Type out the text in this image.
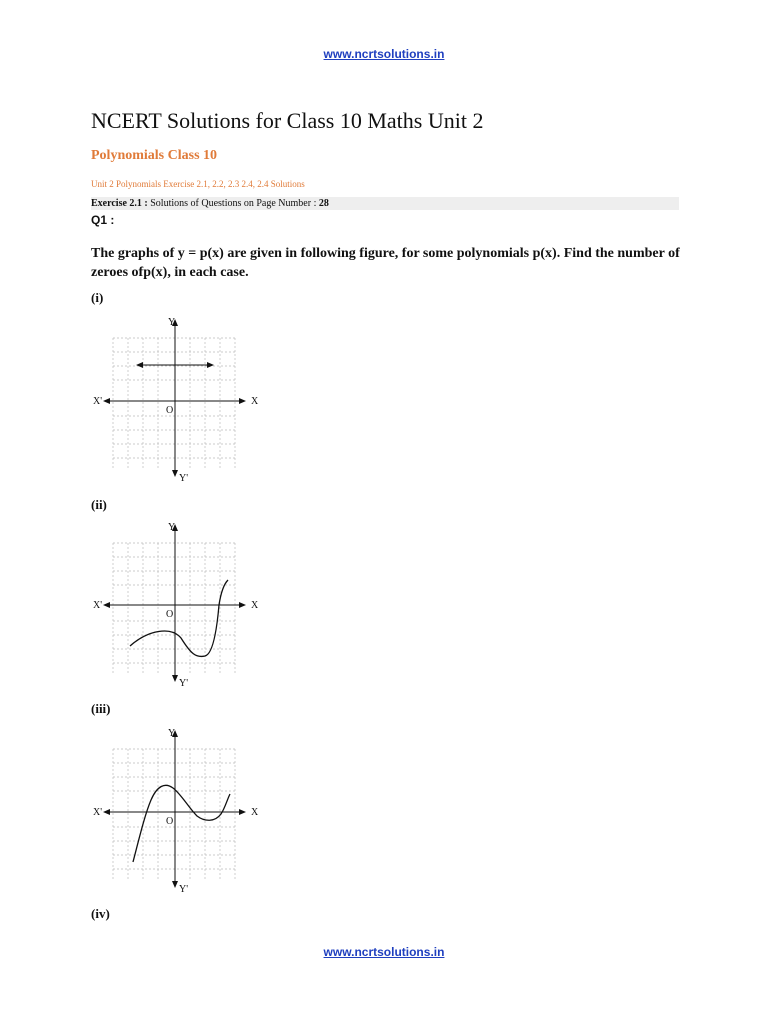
www.ncrtsolutions.in
NCERT Solutions for Class 10 Maths Unit 2
Polynomials Class 10

Unit 2 Polynomials Exercise 2.1, 2.2, 2.3 2.4, 2.4 Solutions

Exercise 2.1 : Solutions of Questions on Page Number : 28
Q1 :

The graphs of y = p(x) are given in following figure, for some polynomials p(x). Find the number of zeroes ofp(x), in each case.

(i)
X
X'
Y
Y'
O
(ii)
X
X'
Y
Y'
O
(iii)
X
X'
Y
Y'
O
(iv)
www.ncrtsolutions.in
